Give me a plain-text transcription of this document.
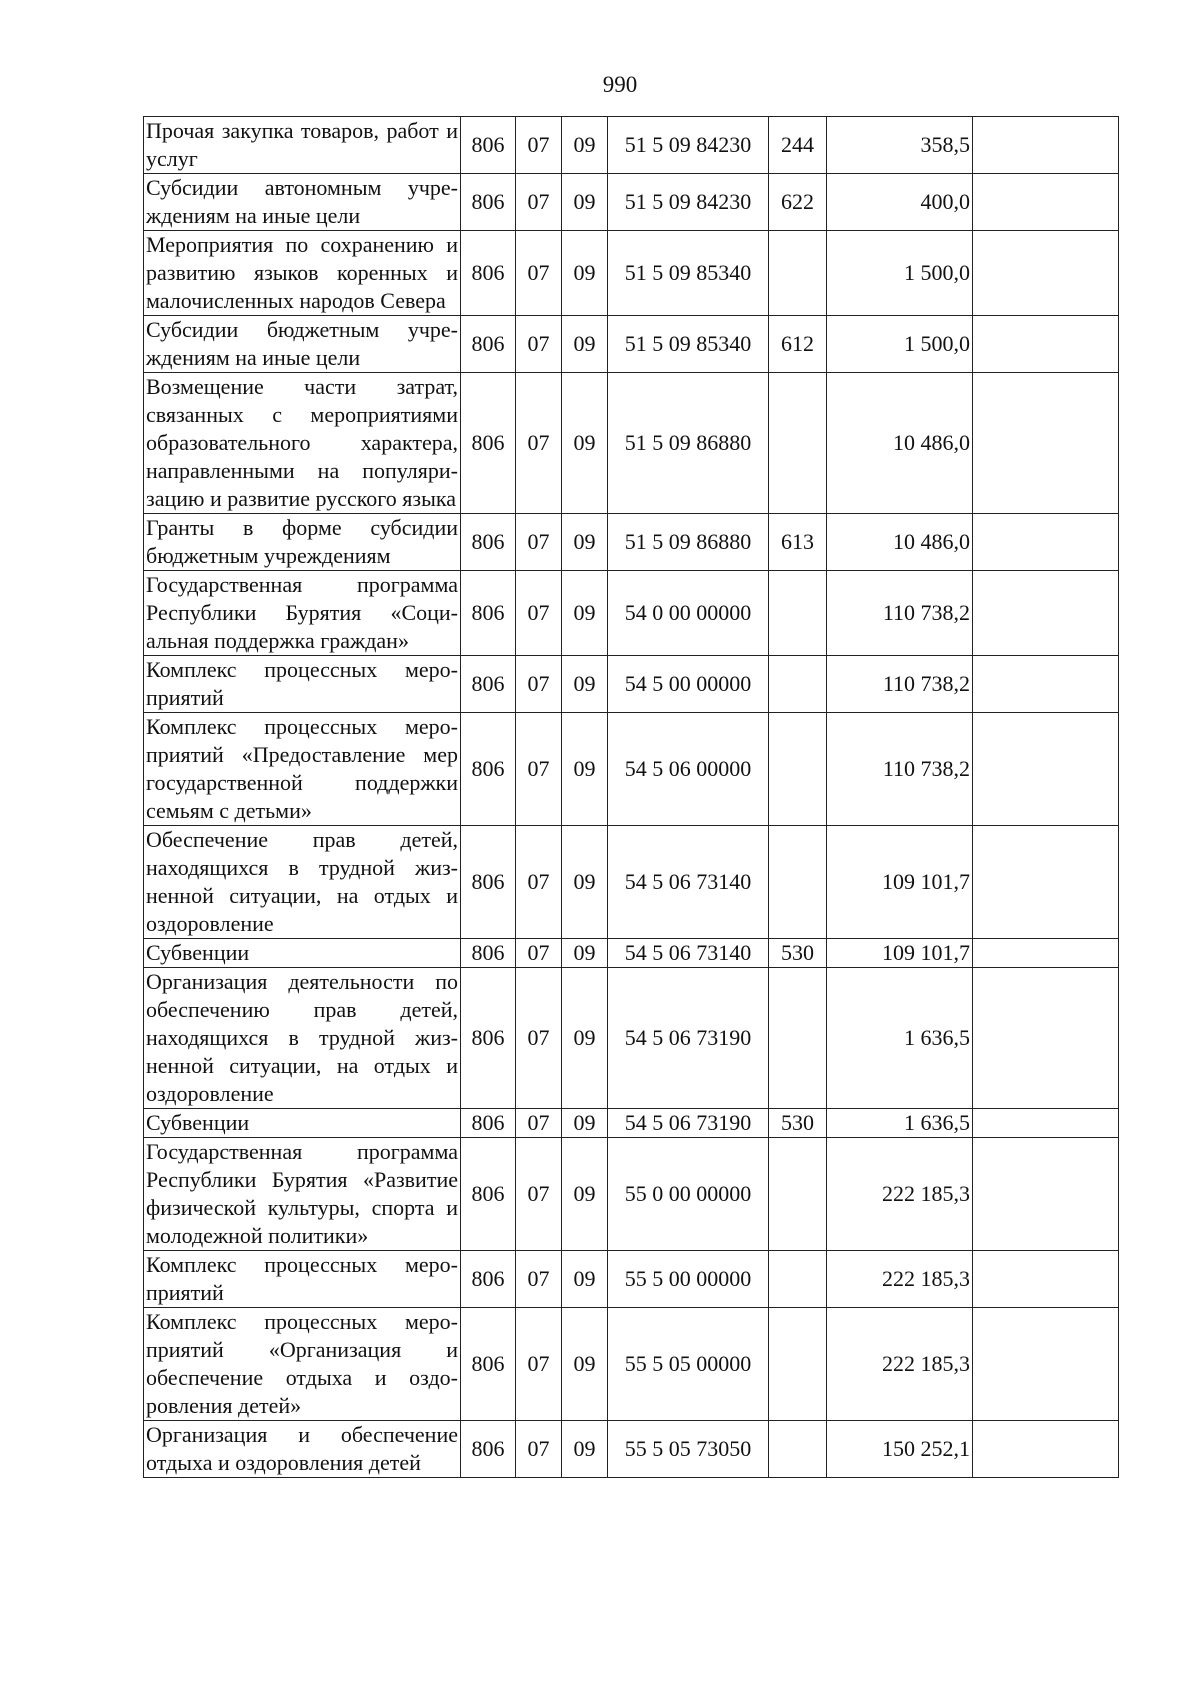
990
Прочая закупка товаров, работ и услуг	806	07	09	51 5 09 84230	244	358,5	
Субсидии автономным учреждениям на иные цели	806	07	09	51 5 09 84230	622	400,0	
Мероприятия по сохранению и развитию языков коренных и малочисленных народов Севера	806	07	09	51 5 09 85340		1 500,0	
Субсидии бюджетным учреждениям на иные цели	806	07	09	51 5 09 85340	612	1 500,0	
Возмещение части затрат, связанных с мероприятиями образовательного характера, направленными на популяризацию и развитие русского языка	806	07	09	51 5 09 86880		10 486,0	
Гранты в форме субсидии бюджетным учреждениям	806	07	09	51 5 09 86880	613	10 486,0	
Государственная программа Республики Бурятия «Социальная поддержка граждан»	806	07	09	54 0 00 00000		110 738,2	
Комплекс процессных мероприятий	806	07	09	54 5 00 00000		110 738,2	
Комплекс процессных мероприятий «Предоставление мер государственной поддержки семьям с детьми»	806	07	09	54 5 06 00000		110 738,2	
Обеспечение прав детей, находящихся в трудной жизненной ситуации, на отдых и оздоровление	806	07	09	54 5 06 73140		109 101,7	
Субвенции	806	07	09	54 5 06 73140	530	109 101,7	
Организация деятельности по обеспечению прав детей, находящихся в трудной жизненной ситуации, на отдых и оздоровление	806	07	09	54 5 06 73190		1 636,5	
Субвенции	806	07	09	54 5 06 73190	530	1 636,5	
Государственная программа Республики Бурятия «Развитие физической культуры, спорта и молодежной политики»	806	07	09	55 0 00 00000		222 185,3	
Комплекс процессных мероприятий	806	07	09	55 5 00 00000		222 185,3	
Комплекс процессных мероприятий «Организация и обеспечение отдыха и оздоровления детей»	806	07	09	55 5 05 00000		222 185,3	
Организация и обеспечение отдыха и оздоровления детей	806	07	09	55 5 05 73050		150 252,1	
